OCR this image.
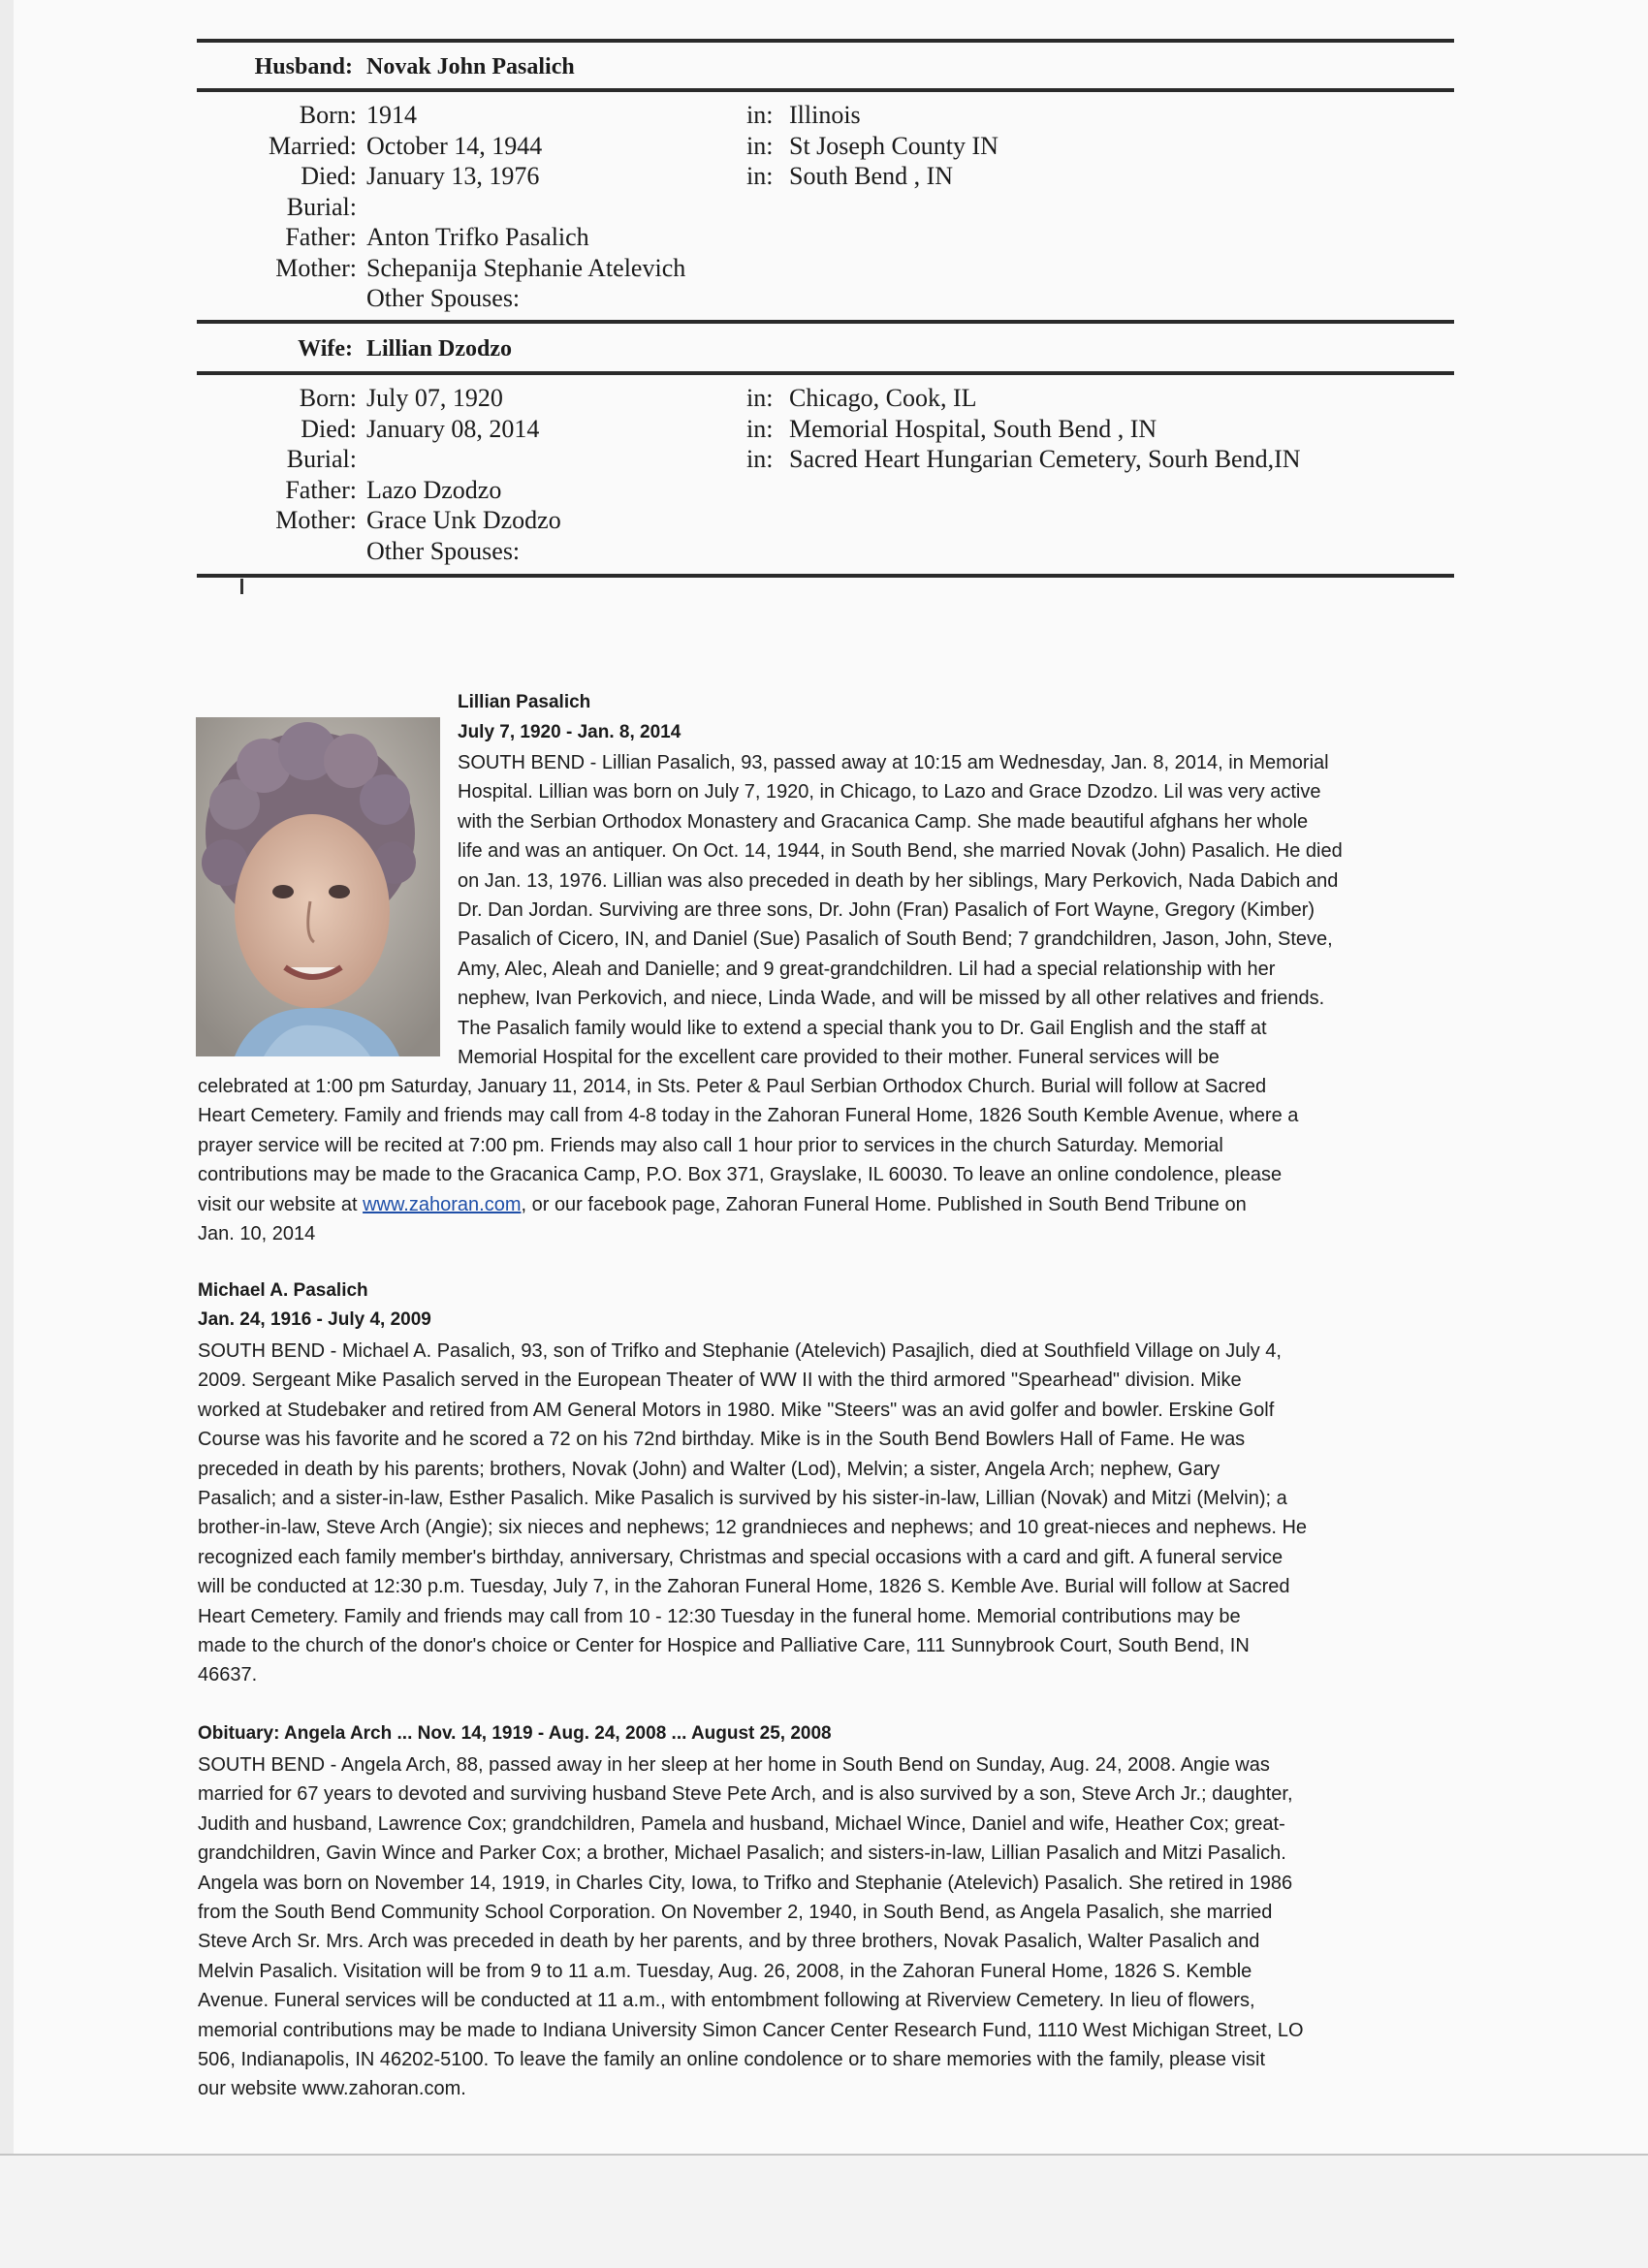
Husband: Novak John Pasalich
Born: 1914	in: Illinois
Married: October 14, 1944	in: St Joseph County IN
Died: January 13, 1976	in: South Bend , IN
Burial:
Father: Anton Trifko Pasalich
Mother: Schepanija Stephanie Atelevich
Other Spouses:
Wife: Lillian Dzodzo
Born: July 07, 1920	in: Chicago, Cook, IL
Died: January 08, 2014	in: Memorial Hospital, South Bend , IN
Burial:	in: Sacred Heart Hungarian Cemetery, Sourh Bend,IN
Father: Lazo Dzodzo
Mother: Grace Unk Dzodzo
Other Spouses:
Lillian Pasalich
July 7, 1920 - Jan. 8, 2014
SOUTH BEND - Lillian Pasalich, 93, passed away at 10:15 am Wednesday, Jan. 8, 2014, in Memorial
Hospital. Lillian was born on July 7, 1920, in Chicago, to Lazo and Grace Dzodzo. Lil was very active
with the Serbian Orthodox Monastery and Gracanica Camp. She made beautiful afghans her whole
life and was an antiquer. On Oct. 14, 1944, in South Bend, she married Novak (John) Pasalich. He died
on Jan. 13, 1976. Lillian was also preceded in death by her siblings, Mary Perkovich, Nada Dabich and
Dr. Dan Jordan. Surviving are three sons, Dr. John (Fran) Pasalich of Fort Wayne, Gregory (Kimber)
Pasalich of Cicero, IN, and Daniel (Sue) Pasalich of South Bend; 7 grandchildren, Jason, John, Steve,
Amy, Alec, Aleah and Danielle; and 9 great-grandchildren. Lil had a special relationship with her
nephew, Ivan Perkovich, and niece, Linda Wade, and will be missed by all other relatives and friends.
The Pasalich family would like to extend a special thank you to Dr. Gail English and the staff at
Memorial Hospital for the excellent care provided to their mother. Funeral services will be
celebrated at 1:00 pm Saturday, January 11, 2014, in Sts. Peter & Paul Serbian Orthodox Church. Burial will follow at Sacred
Heart Cemetery. Family and friends may call from 4-8 today in the Zahoran Funeral Home, 1826 South Kemble Avenue, where a
prayer service will be recited at 7:00 pm. Friends may also call 1 hour prior to services in the church Saturday. Memorial
contributions may be made to the Gracanica Camp, P.O. Box 371, Grayslake, IL 60030. To leave an online condolence, please
visit our website at www.zahoran.com, or our facebook page, Zahoran Funeral Home. Published in South Bend Tribune on
Jan. 10, 2014
Michael A. Pasalich
Jan. 24, 1916 - July 4, 2009
SOUTH BEND - Michael A. Pasalich, 93, son of Trifko and Stephanie (Atelevich) Pasajlich, died at Southfield Village on July 4,
2009. Sergeant Mike Pasalich served in the European Theater of WW II with the third armored "Spearhead" division. Mike
worked at Studebaker and retired from AM General Motors in 1980. Mike "Steers" was an avid golfer and bowler. Erskine Golf
Course was his favorite and he scored a 72 on his 72nd birthday. Mike is in the South Bend Bowlers Hall of Fame. He was
preceded in death by his parents; brothers, Novak (John) and Walter (Lod), Melvin; a sister, Angela Arch; nephew, Gary
Pasalich; and a sister-in-law, Esther Pasalich. Mike Pasalich is survived by his sister-in-law, Lillian (Novak) and Mitzi (Melvin); a
brother-in-law, Steve Arch (Angie); six nieces and nephews; 12 grandnieces and nephews; and 10 great-nieces and nephews. He
recognized each family member's birthday, anniversary, Christmas and special occasions with a card and gift. A funeral service
will be conducted at 12:30 p.m. Tuesday, July 7, in the Zahoran Funeral Home, 1826 S. Kemble Ave. Burial will follow at Sacred
Heart Cemetery. Family and friends may call from 10 - 12:30 Tuesday in the funeral home. Memorial contributions may be
made to the church of the donor's choice or Center for Hospice and Palliative Care, 111 Sunnybrook Court, South Bend, IN
46637.
Obituary: Angela Arch ... Nov. 14, 1919 - Aug. 24, 2008 ... August 25, 2008
SOUTH BEND - Angela Arch, 88, passed away in her sleep at her home in South Bend on Sunday, Aug. 24, 2008. Angie was
married for 67 years to devoted and surviving husband Steve Pete Arch, and is also survived by a son, Steve Arch Jr.; daughter,
Judith and husband, Lawrence Cox; grandchildren, Pamela and husband, Michael Wince, Daniel and wife, Heather Cox; great-
grandchildren, Gavin Wince and Parker Cox; a brother, Michael Pasalich; and sisters-in-law, Lillian Pasalich and Mitzi Pasalich.
Angela was born on November 14, 1919, in Charles City, Iowa, to Trifko and Stephanie (Atelevich) Pasalich. She retired in 1986
from the South Bend Community School Corporation. On November 2, 1940, in South Bend, as Angela Pasalich, she married
Steve Arch Sr. Mrs. Arch was preceded in death by her parents, and by three brothers, Novak Pasalich, Walter Pasalich and
Melvin Pasalich. Visitation will be from 9 to 11 a.m. Tuesday, Aug. 26, 2008, in the Zahoran Funeral Home, 1826 S. Kemble
Avenue. Funeral services will be conducted at 11 a.m., with entombment following at Riverview Cemetery. In lieu of flowers,
memorial contributions may be made to Indiana University Simon Cancer Center Research Fund, 1110 West Michigan Street, LO
506, Indianapolis, IN 46202-5100. To leave the family an online condolence or to share memories with the family, please visit
our website www.zahoran.com.
